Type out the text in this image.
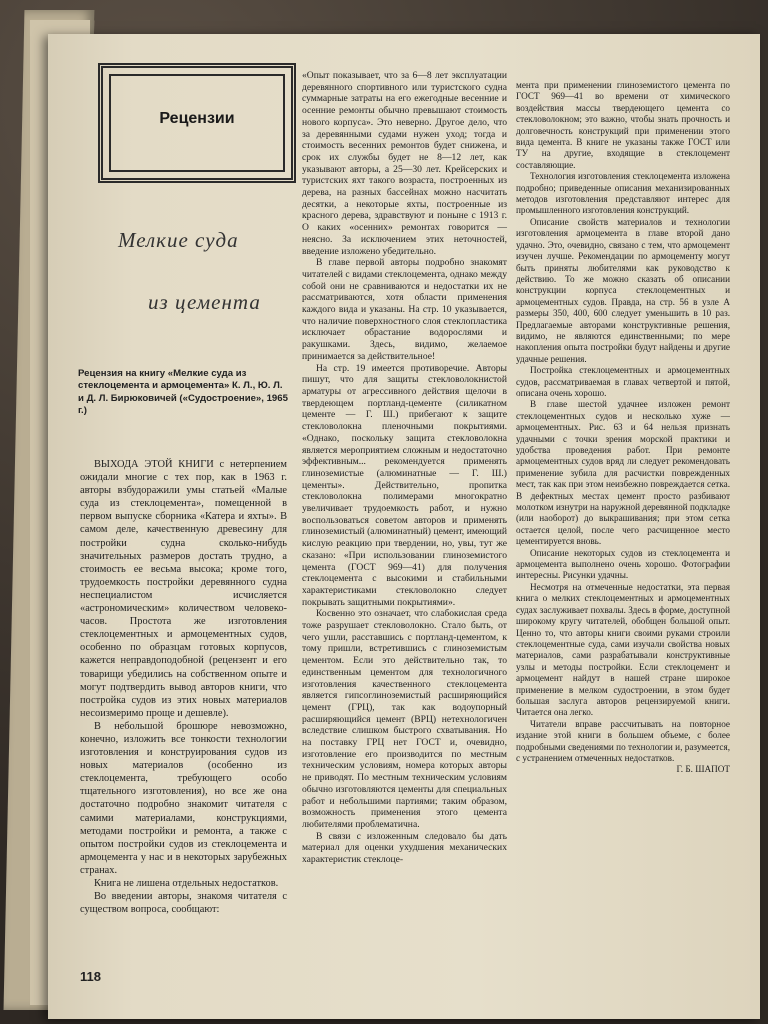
Рецензии
Мелкие суда
из цемента
Рецензия на книгу «Мелкие суда из стеклоцемента и армоцемента» К. Л., Ю. Л. и Д. Л. Бирюковичей («Судостроение», 1965 г.)

ВЫХОДА ЭТОЙ КНИГИ с нетерпением ожидали многие с тех пор, как в 1963 г. авторы взбудоражили умы статьей «Малые суда из стеклоцемента», помещенной в первом выпуске сборника «Катера и яхты». В самом деле, качественную древесину для постройки судна сколько-нибудь значительных размеров достать трудно, а стоимость ее весьма высока; кроме того, трудоемкость постройки деревянного судна неспециалистом исчисляется «астрономическим» количеством человеко-часов. Простота же изготовления стеклоцементных и армоцементных судов, особенно по образцам готовых корпусов, кажется неправдоподобной (рецензент и его товарищи убедились на собственном опыте и могут подтвердить вывод авторов книги, что постройка судов из этих новых материалов несоизмеримо проще и дешевле).

В небольшой брошюре невозможно, конечно, изложить все тонкости технологии изготовления и конструирования судов из новых материалов (особенно из стеклоцемента, требующего особо тщательного изготовления), но все же она достаточно подробно знакомит читателя с самими материалами, конструкциями, методами постройки и ремонта, а также с опытом постройки судов из стеклоцемента и армоцемента у нас и в некоторых зарубежных странах.

Книга не лишена отдельных недостатков.

Во введении авторы, знакомя читателя с существом вопроса, сообщают:

«Опыт показывает, что за 6—8 лет эксплуатации деревянного спортивного или туристского судна суммарные затраты на его ежегодные весенние и осенние ремонты обычно превышают стоимость нового корпуса». Это неверно. Другое дело, что за деревянными судами нужен уход; тогда и стоимость весенних ремонтов будет снижена, и срок их службы будет не 8—12 лет, как указывают авторы, а 25—30 лет. Крейсерских и туристских яхт такого возраста, построенных из дерева, на разных бассейнах можно насчитать десятки, а некоторые яхты, построенные из красного дерева, здравствуют и поныне с 1913 г. О каких «осенних» ремонтах говорится — неясно. За исключением этих неточностей, введение изложено убедительно.

В главе первой авторы подробно знакомят читателей с видами стеклоцемента, однако между собой они не сравниваются и недостатки их не рассматриваются, хотя области применения каждого вида и указаны. На стр. 10 указывается, что наличие поверхностного слоя стеклопластика исключает обрастание водорослями и ракушками. Здесь, видимо, желаемое принимается за действительное!

На стр. 19 имеется противоречие. Авторы пишут, что для защиты стекловолокнистой арматуры от агрессивного действия щелочи в твердеющем портланд-цементе (силикатном цементе — Г. Ш.) прибегают к защите стекловолокна пленочными покрытиями. «Однако, поскольку защита стекловолокна является мероприятием сложным и недостаточно эффективным... рекомендуется применять глиноземистые (алюминатные — Г. Ш.) цементы». Действительно, пропитка стекловолокна полимерами многократно увеличивает трудоемкость работ, и нужно воспользоваться советом авторов и применять глиноземистый (алюминатный) цемент, имеющий кислую реакцию при твердении, но, увы, тут же сказано: «При использовании глиноземистого цемента (ГОСТ 969—41) для получения стеклоцемента с высокими и стабильными характеристиками стекловолокно следует покрывать защитными покрытиями».

Косвенно это означает, что слабокислая среда тоже разрушает стекловолокно. Стало быть, от чего ушли, расставшись с портланд-цементом, к тому пришли, встретившись с глиноземистым цементом. Если это действительно так, то единственным цементом для технологичного изготовления качественного стеклоцемента является гипсоглиноземистый расширяющийся цемент (ГРЦ), так как водоупорный расширяющийся цемент (ВРЦ) нетехнологичен вследствие слишком быстрого схватывания. Но на поставку ГРЦ нет ГОСТ и, очевидно, изготовление его производится по местным техническим условиям, номера которых авторы не приводят. По местным техническим условиям обычно изготовляются цементы для специальных работ и небольшими партиями; таким образом, возможность применения этого цемента любителями проблематична.

В связи с изложенным следовало бы дать материал для оценки ухудшения механических характеристик стеклоце-

мента при применении глиноземистого цемента по ГОСТ 969—41 во времени от химического воздействия массы твердеющего цемента со стекловолокном; это важно, чтобы знать прочность и долговечность конструкций при применении этого вида цемента. В книге не указаны также ГОСТ или ТУ на другие, входящие в стеклоцемент составляющие.

Технология изготовления стеклоцемента изложена подробно; приведенные описания механизированных методов изготовления представляют интерес для промышленного изготовления конструкций.

Описание свойств материалов и технологии изготовления армоцемента в главе второй дано удачно. Это, очевидно, связано с тем, что армоцемент изучен лучше. Рекомендации по армоцементу могут быть приняты любителями как руководство к действию. То же можно сказать об описании конструкции корпуса стеклоцементных и армоцементных судов. Правда, на стр. 56 в узле А размеры 350, 400, 600 следует уменьшить в 10 раз. Предлагаемые авторами конструктивные решения, видимо, не являются единственными; по мере накопления опыта постройки будут найдены и другие удачные решения.

Постройка стеклоцементных и армоцементных судов, рассматриваемая в главах четвертой и пятой, описана очень хорошо.

В главе шестой удачнее изложен ремонт стеклоцементных судов и несколько хуже — армоцементных. Рис. 63 и 64 нельзя признать удачными с точки зрения морской практики и удобства проведения работ. При ремонте армоцементных судов вряд ли следует рекомендовать применение зубила для расчистки поврежденных мест, так как при этом неизбежно повреждается сетка. В дефектных местах цемент просто разбивают молотком изнутри на наружной деревянной подкладке (или наоборот) до выкрашивания; при этом сетка остается целой, после чего расчищенное место цементируется вновь.

Описание некоторых судов из стеклоцемента и армоцемента выполнено очень хорошо. Фотографии интересны. Рисунки удачны.

Несмотря на отмеченные недостатки, эта первая книга о мелких стеклоцементных и армоцементных судах заслуживает похвалы. Здесь в форме, доступной широкому кругу читателей, обобщен большой опыт. Ценно то, что авторы книги своими руками строили стеклоцементные суда, сами изучали свойства новых материалов, сами разрабатывали конструктивные узлы и методы постройки. Если стеклоцемент и армоцемент найдут в нашей стране широкое применение в мелком судостроении, в этом будет большая заслуга авторов рецензируемой книги. Читается она легко.

Читатели вправе рассчитывать на повторное издание этой книги в большем объеме, с более подробными сведениями по технологии и, разумеется, с устранением отмеченных недостатков.

Г. Б. ШАПОТ

118
